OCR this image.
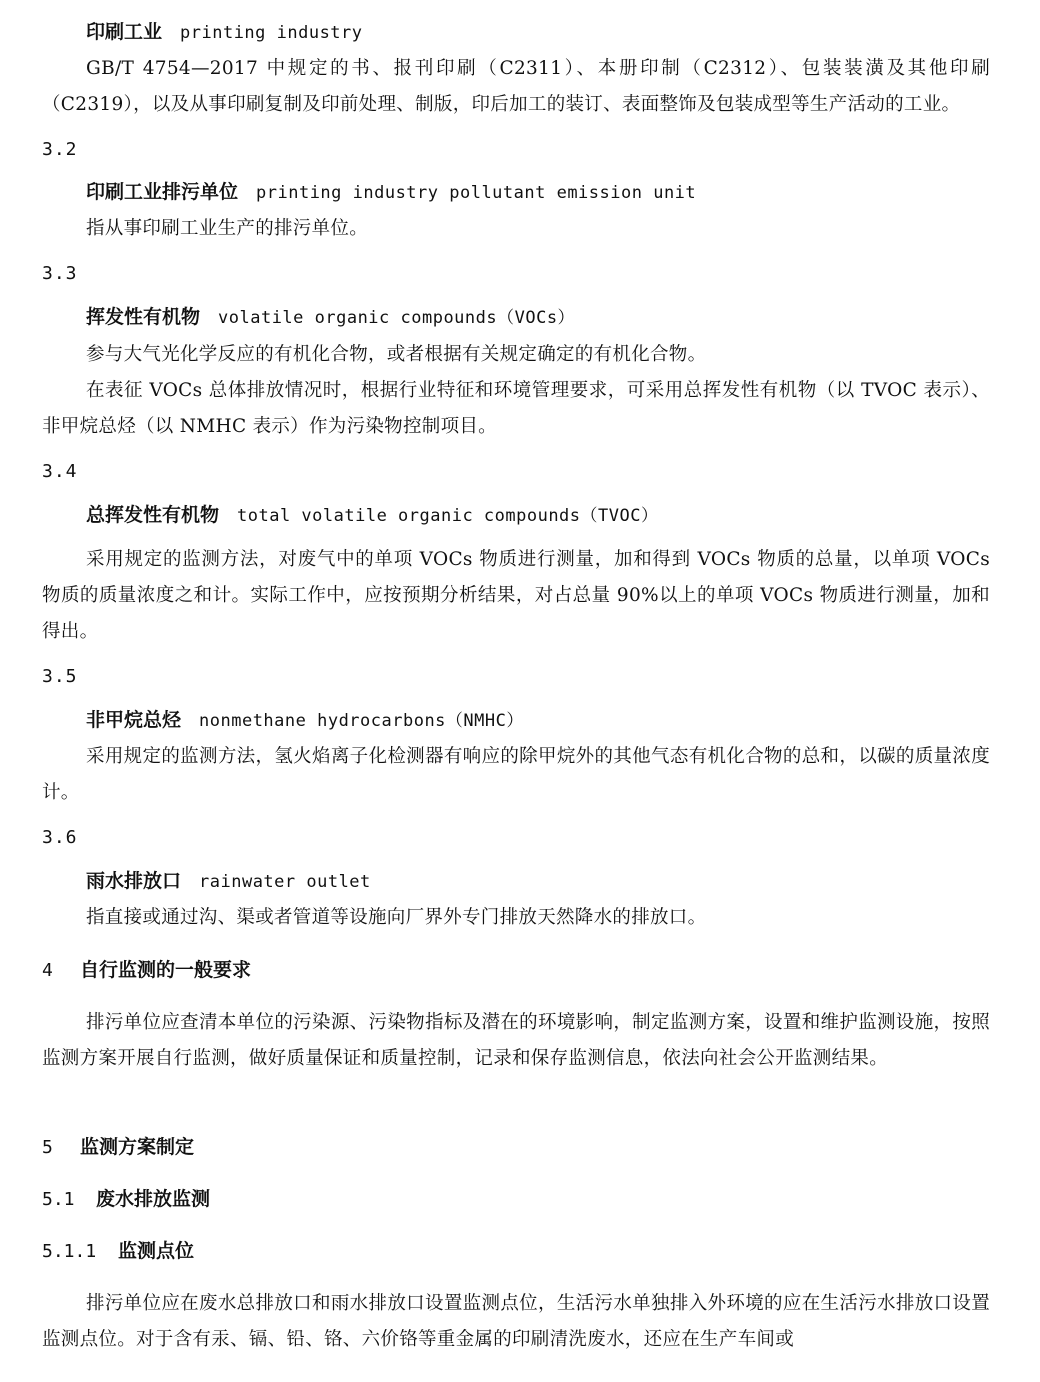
印刷工业 printing industry

GB/T 4754—2017 中规定的书、报刊印刷（C2311）、本册印制（C2312）、包装装潢及其他印刷（C2319），以及从事印刷复制及印前处理、制版，印后加工的装订、表面整饰及包装成型等生产活动的工业。

3.2
印刷工业排污单位 printing industry pollutant emission unit

指从事印刷工业生产的排污单位。

3.3
挥发性有机物 volatile organic compounds（VOCs）

参与大气光化学反应的有机化合物，或者根据有关规定确定的有机化合物。

在表征 VOCs 总体排放情况时，根据行业特征和环境管理要求，可采用总挥发性有机物（以 TVOC 表示）、非甲烷总烃（以 NMHC 表示）作为污染物控制项目。

3.4
总挥发性有机物 total volatile organic compounds（TVOC）

采用规定的监测方法，对废气中的单项 VOCs 物质进行测量，加和得到 VOCs 物质的总量，以单项 VOCs 物质的质量浓度之和计。实际工作中，应按预期分析结果，对占总量 90%以上的单项 VOCs 物质进行测量，加和得出。

3.5
非甲烷总烃 nonmethane hydrocarbons（NMHC）

采用规定的监测方法，氢火焰离子化检测器有响应的除甲烷外的其他气态有机化合物的总和，以碳的质量浓度计。

3.6
雨水排放口 rainwater outlet

指直接或通过沟、渠或者管道等设施向厂界外专门排放天然降水的排放口。

4 自行监测的一般要求

排污单位应查清本单位的污染源、污染物指标及潜在的环境影响，制定监测方案，设置和维护监测设施，按照监测方案开展自行监测，做好质量保证和质量控制，记录和保存监测信息，依法向社会公开监测结果。

5 监测方案制定
5.1 废水排放监测
5.1.1 监测点位

排污单位应在废水总排放口和雨水排放口设置监测点位，生活污水单独排入外环境的应在生活污水排放口设置监测点位。对于含有汞、镉、铅、铬、六价铬等重金属的印刷清洗废水，还应在生产车间或
